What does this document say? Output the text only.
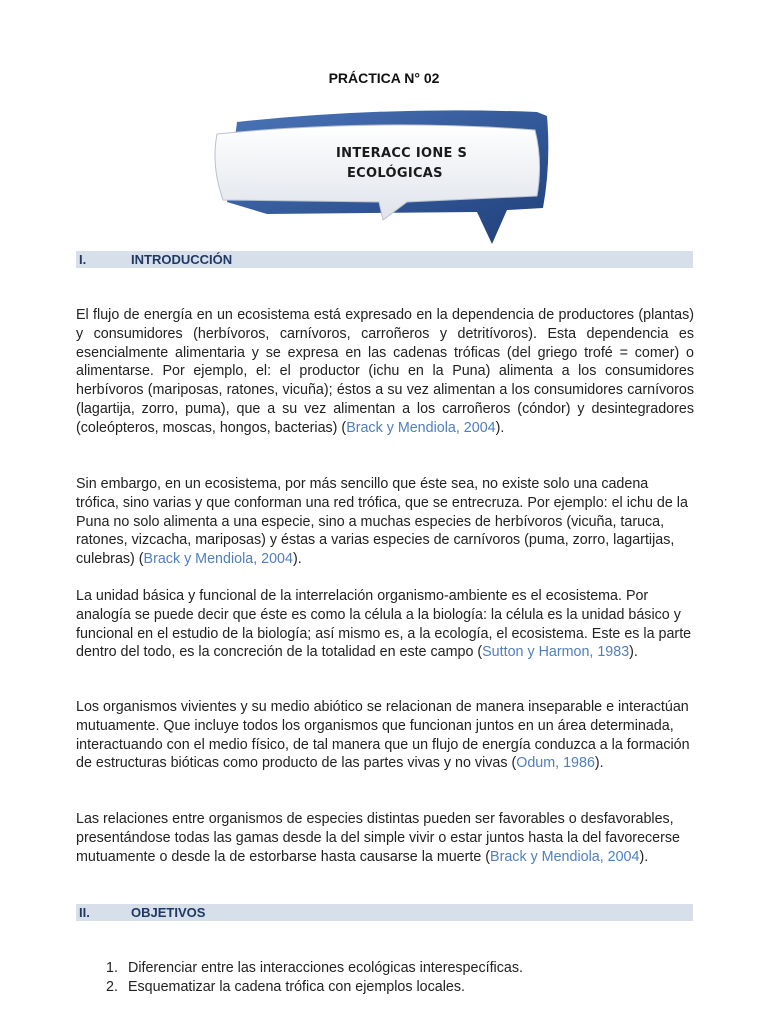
PRÁCTICA N° 02
INTERACC IONE S
ECOLÓGICAS
I.	INTRODUCCIÓN
El flujo de energía en un ecosistema está expresado en la dependencia de productores (plantas) y consumidores (herbívoros, carnívoros, carroñeros y detritívoros). Esta dependencia es esencialmente alimentaria y se expresa en las cadenas tróficas (del griego trofé = comer) o alimentarse. Por ejemplo, el: el productor (ichu en la Puna) alimenta a los consumidores herbívoros (mariposas, ratones, vicuña); éstos a su vez alimentan a los consumidores carnívoros (lagartija, zorro, puma), que a su vez alimentan a los carroñeros (cóndor) y desintegradores (coleópteros, moscas, hongos, bacterias) (Brack y Mendiola, 2004).
Sin embargo, en un ecosistema, por más sencillo que éste sea, no existe solo una cadena trófica, sino varias y que conforman una red trófica, que se entrecruza. Por ejemplo: el ichu de la Puna no solo alimenta a una especie, sino a muchas especies de herbívoros (vicuña, taruca, ratones, vizcacha, mariposas) y éstas a varias especies de carnívoros (puma, zorro, lagartijas, culebras) (Brack y Mendiola, 2004).
La unidad básica y funcional de la interrelación organismo-ambiente es el ecosistema. Por analogía se puede decir que éste es como la célula a la biología: la célula es la unidad básico y funcional en el estudio de la biología; así mismo es, a la ecología, el ecosistema. Este es la parte dentro del todo, es la concreción de la totalidad en este campo (Sutton y Harmon, 1983).
Los organismos vivientes y su medio abiótico se relacionan de manera inseparable e interactúan mutuamente. Que incluye todos los organismos que funcionan juntos en un área determinada, interactuando con el medio físico, de tal manera que un flujo de energía conduzca a la formación de estructuras bióticas como producto de las partes vivas y no vivas (Odum, 1986).
Las relaciones entre organismos de especies distintas pueden ser favorables o desfavorables, presentándose todas las gamas desde la del simple vivir o estar juntos hasta la del favorecerse mutuamente o desde la de estorbarse hasta causarse la muerte (Brack y Mendiola, 2004).
II.	OBJETIVOS
1. Diferenciar entre las interacciones ecológicas interespecíficas.
2. Esquematizar la cadena trófica con ejemplos locales.
